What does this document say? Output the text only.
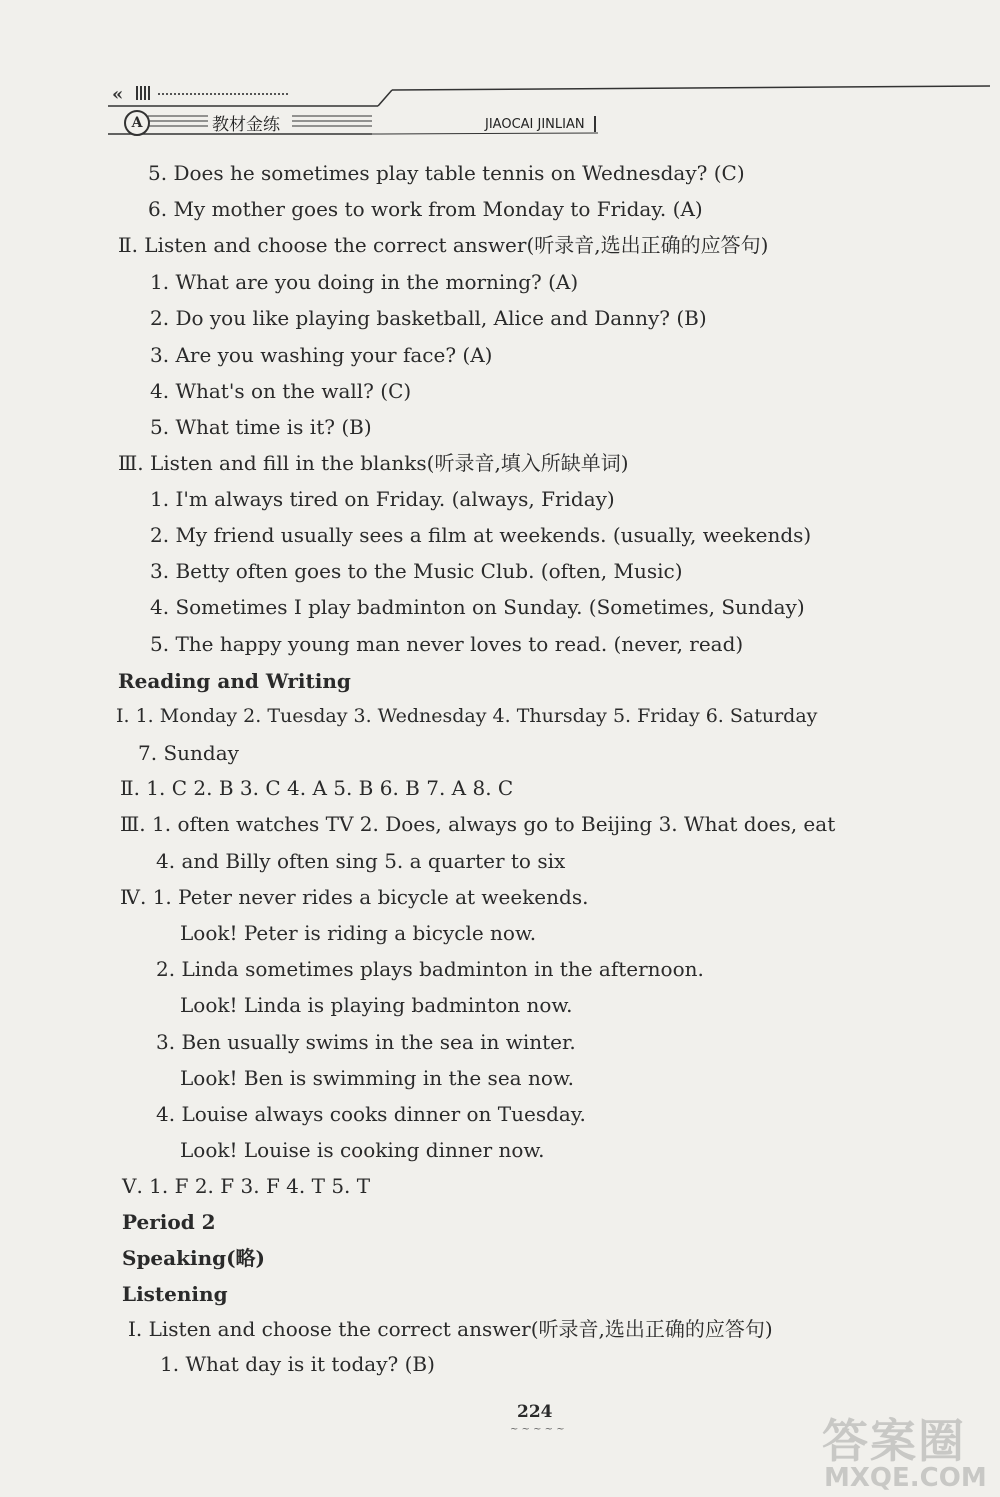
«
A	教材金练	JIAOCAI JINLIAN
5. Does he sometimes play table tennis on Wednesday? (C)
6. My mother goes to work from Monday to Friday. (A)
Ⅱ. Listen and choose the correct answer(听录音,选出正确的应答句)
1. What are you doing in the morning? (A)
2. Do you like playing basketball, Alice and Danny? (B)
3. Are you washing your face? (A)
4. What's on the wall? (C)
5. What time is it? (B)
Ⅲ. Listen and fill in the blanks(听录音,填入所缺单词)
1. I'm always tired on Friday. (always, Friday)
2. My friend usually sees a film at weekends. (usually, weekends)
3. Betty often goes to the Music Club. (often, Music)
4. Sometimes I play badminton on Sunday. (Sometimes, Sunday)
5. The happy young man never loves to read. (never, read)
Reading and Writing
Ⅰ. 1. Monday 2. Tuesday 3. Wednesday 4. Thursday 5. Friday 6. Saturday
7. Sunday
Ⅱ. 1. C 2. B 3. C 4. A 5. B 6. B 7. A 8. C
Ⅲ. 1. often watches TV 2. Does, always go to Beijing 3. What does, eat
4. and Billy often sing 5. a quarter to six
Ⅳ. 1. Peter never rides a bicycle at weekends.
Look! Peter is riding a bicycle now.
2. Linda sometimes plays badminton in the afternoon.
Look! Linda is playing badminton now.
3. Ben usually swims in the sea in winter.
Look! Ben is swimming in the sea now.
4. Louise always cooks dinner on Tuesday.
Look! Louise is cooking dinner now.
Ⅴ. 1. F 2. F 3. F 4. T 5. T
Period 2
Speaking(略)
Listening
Ⅰ. Listen and choose the correct answer(听录音,选出正确的应答句)
1. What day is it today? (B)
224
~ ~ ~ ~ ~	答案圈
MXQE.COM
